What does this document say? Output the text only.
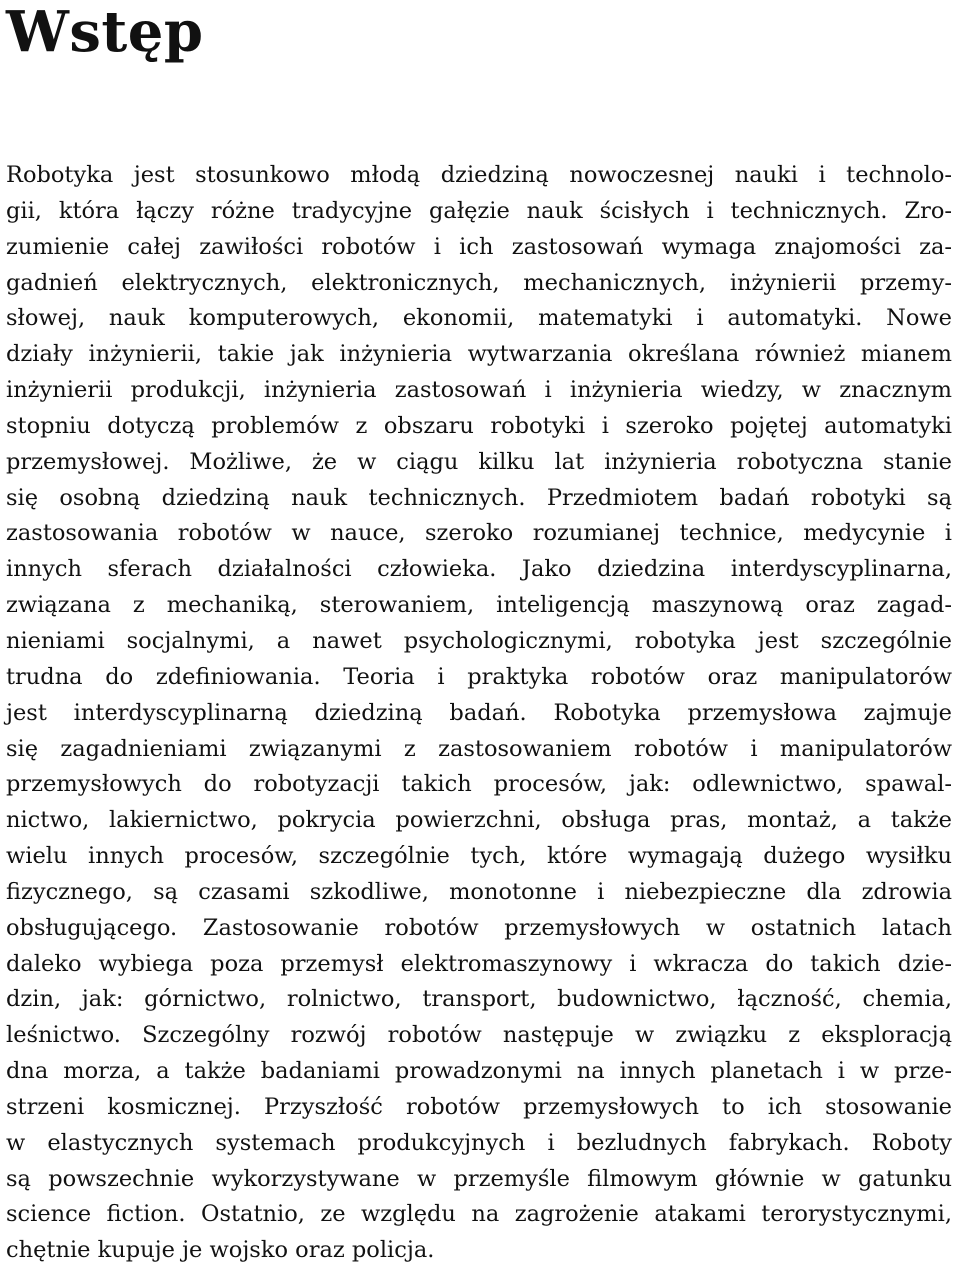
Wstęp
Robotyka jest stosunkowo młodą dziedziną nowoczesnej nauki i technolo-
gii, która łączy różne tradycyjne gałęzie nauk ścisłych i technicznych. Zro-
zumienie całej zawiłości robotów i ich zastosowań wymaga znajomości za-
gadnień elektrycznych, elektronicznych, mechanicznych, inżynierii przemy-
słowej, nauk komputerowych, ekonomii, matematyki i automatyki. Nowe
działy inżynierii, takie jak inżynieria wytwarzania określana również mianem
inżynierii produkcji, inżynieria zastosowań i inżynieria wiedzy, w znacznym
stopniu dotyczą problemów z obszaru robotyki i szeroko pojętej automatyki
przemysłowej. Możliwe, że w ciągu kilku lat inżynieria robotyczna stanie
się osobną dziedziną nauk technicznych. Przedmiotem badań robotyki są
zastosowania robotów w nauce, szeroko rozumianej technice, medycynie i
innych sferach działalności człowieka. Jako dziedzina interdyscyplinarna,
związana z mechaniką, sterowaniem, inteligencją maszynową oraz zagad-
nieniami socjalnymi, a nawet psychologicznymi, robotyka jest szczególnie
trudna do zdefiniowania. Teoria i praktyka robotów oraz manipulatorów
jest interdyscyplinarną dziedziną badań. Robotyka przemysłowa zajmuje
się zagadnieniami związanymi z zastosowaniem robotów i manipulatorów
przemysłowych do robotyzacji takich procesów, jak: odlewnictwo, spawal-
nictwo, lakiernictwo, pokrycia powierzchni, obsługa pras, montaż, a także
wielu innych procesów, szczególnie tych, które wymagają dużego wysiłku
fizycznego, są czasami szkodliwe, monotonne i niebezpieczne dla zdrowia
obsługującego. Zastosowanie robotów przemysłowych w ostatnich latach
daleko wybiega poza przemysł elektromaszynowy i wkracza do takich dzie-
dzin, jak: górnictwo, rolnictwo, transport, budownictwo, łączność, chemia,
leśnictwo. Szczególny rozwój robotów następuje w związku z eksploracją
dna morza, a także badaniami prowadzonymi na innych planetach i w prze-
strzeni kosmicznej. Przyszłość robotów przemysłowych to ich stosowanie
w elastycznych systemach produkcyjnych i bezludnych fabrykach. Roboty
są powszechnie wykorzystywane w przemyśle filmowym głównie w gatunku
science fiction. Ostatnio, ze względu na zagrożenie atakami terorystycznymi,
chętnie kupuje je wojsko oraz policja.
